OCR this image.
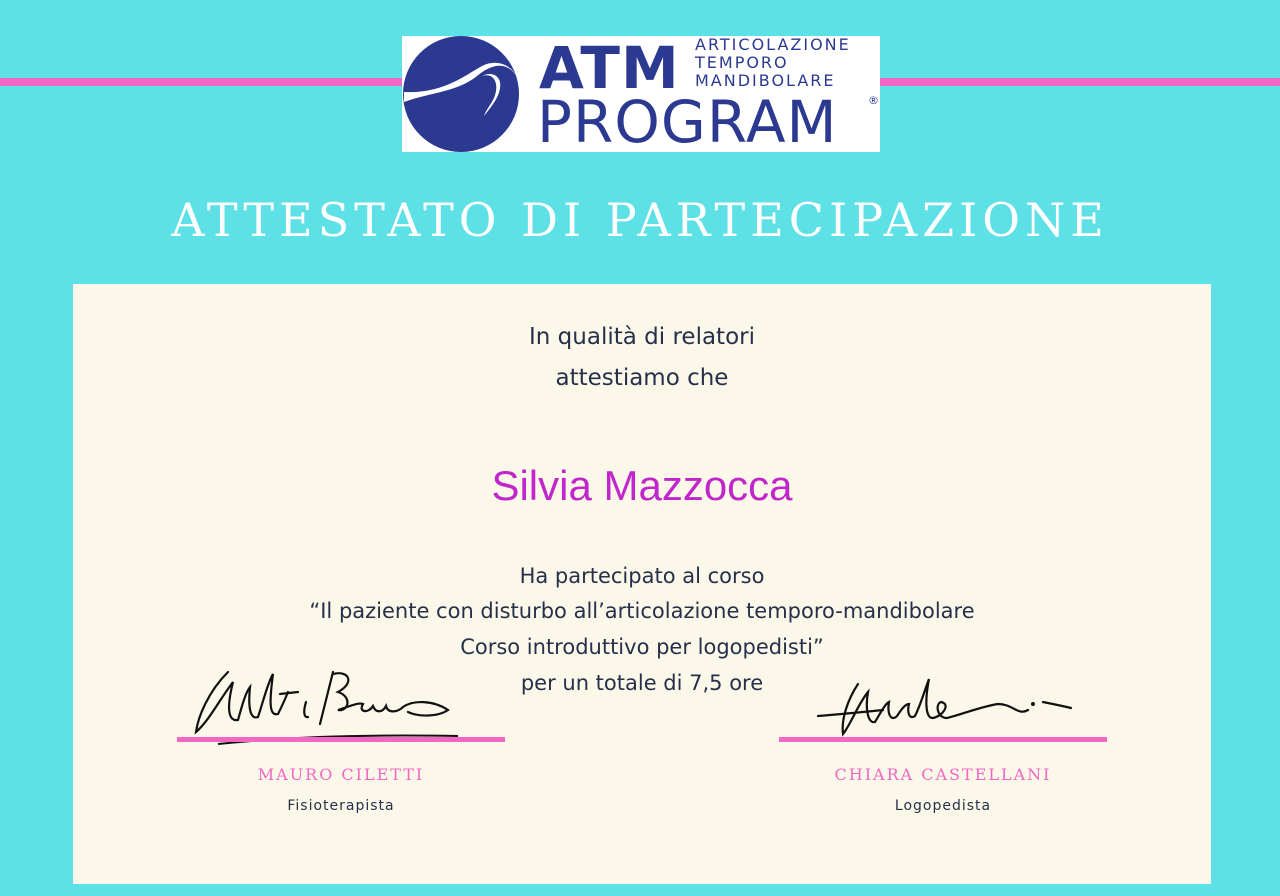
ATM ARTICOLAZIONE
TEMPORO
MANDIBOLARE
PROGRAM	®
ATTESTATO DI PARTECIPAZIONE
In qualità di relatori
attestiamo che
Silvia Mazzocca
Ha partecipato al corso
“Il paziente con disturbo all’articolazione temporo-mandibolare
Corso introduttivo per logopedisti”
per un totale di 7,5 ore
MAURO CILETTI
Fisioterapista
CHIARA CASTELLANI
Logopedista
